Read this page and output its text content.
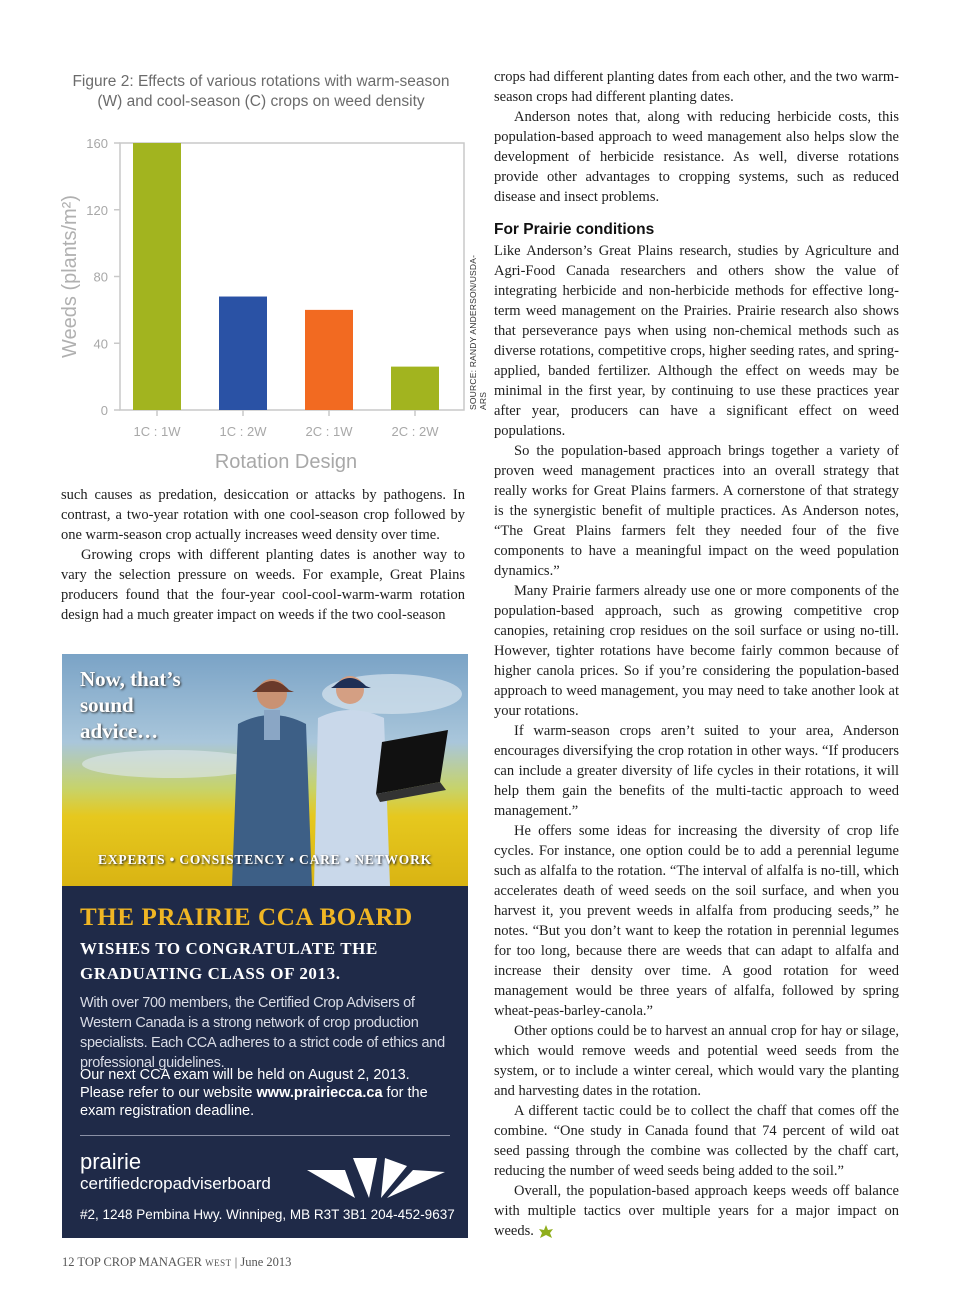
Figure 2: Effects of various rotations with warm-season (W) and cool-season (C) crops on weed density
0
40
80
120
160
Weeds (plants/m²)
1C : 1W	1C : 2W	2C : 1W	2C : 2W
Rotation Design
SOURCE: RANDY ANDERSON/USDA-ARS

such causes as predation, desiccation or attacks by pathogens. In contrast, a two-year rotation with one cool-season crop followed by one warm-season crop actually increases weed density over time.

Growing crops with different planting dates is another way to vary the selection pressure on weeds. For example, Great Plains producers found that the four-year cool-cool-warm-warm rotation design had a much greater impact on weeds if the two cool-season

Now, that’s
sound
advice…
EXPERTS • CONSISTENCY • CARE • NETWORK
THE PRAIRIE CCA BOARD
WISHES TO CONGRATULATE THE
GRADUATING CLASS OF 2013.
With over 700 members, the Certified Crop Advisers of Western Canada is a strong network of crop production specialists. Each CCA adheres to a strict code of ethics and professional guidelines.
Our next CCA exam will be held on August 2, 2013. Please refer to our website www.prairiecca.ca for the exam registration deadline.
prairie
certifiedcropadviserboard
#2, 1248 Pembina Hwy. Winnipeg, MB R3T 3B1 204-452-9637

crops had different planting dates from each other, and the two warm-season crops had different planting dates.

Anderson notes that, along with reducing herbicide costs, this population-based approach to weed management also helps slow the development of herbicide resistance. As well, diverse rotations provide other advantages to cropping systems, such as reduced disease and insect problems.

For Prairie conditions

Like Anderson’s Great Plains research, studies by Agriculture and Agri-Food Canada researchers and others show the value of integrating herbicide and non-herbicide methods for effective long-term weed management on the Prairies. Prairie research also shows that perseverance pays when using non-chemical methods such as diverse rotations, competitive crops, higher seeding rates, and spring-applied, banded fertilizer. Although the effect on weeds may be minimal in the first year, by continuing to use these practices year after year, producers can have a significant effect on weed populations.

So the population-based approach brings together a variety of proven weed management practices into an overall strategy that really works for Great Plains farmers. A cornerstone of that strategy is the synergistic benefit of multiple practices. As Anderson notes, “The Great Plains farmers felt they needed four of the five components to have a meaningful impact on the weed population dynamics.”

Many Prairie farmers already use one or more components of the population-based approach, such as growing competitive crop canopies, retaining crop residues on the soil surface or using no-till. However, tighter rotations have become fairly common because of higher canola prices. So if you’re considering the population-based approach to weed management, you may need to take another look at your rotations.

If warm-season crops aren’t suited to your area, Anderson encourages diversifying the crop rotation in other ways. “If producers can include a greater diversity of life cycles in their rotations, it will help them gain the benefits of the multi-tactic approach to weed management.”

He offers some ideas for increasing the diversity of crop life cycles. For instance, one option could be to add a perennial legume such as alfalfa to the rotation. “The interval of alfalfa is no-till, which accelerates death of weed seeds on the soil surface, and when you harvest it, you prevent weeds in alfalfa from producing seeds,” he notes. “But you don’t want to keep the rotation in perennial legumes for too long, because there are weeds that can adapt to alfalfa and increase their density over time. A good rotation for weed management would be three years of alfalfa, followed by spring wheat-peas-barley-canola.”

Other options could be to harvest an annual crop for hay or silage, which would remove weeds and potential weed seeds from the system, or to include a winter cereal, which would vary the planting and harvesting dates in the rotation.

A different tactic could be to collect the chaff that comes off the combine. “One study in Canada found that 74 percent of wild oat seed passing through the combine was collected by the chaff cart, reducing the number of weed seeds being added to the soil.”

Overall, the population-based approach keeps weeds off balance with multiple tactics over multiple years for a major impact on weeds.

12 TOP CROP MANAGER WEST | June 2013
